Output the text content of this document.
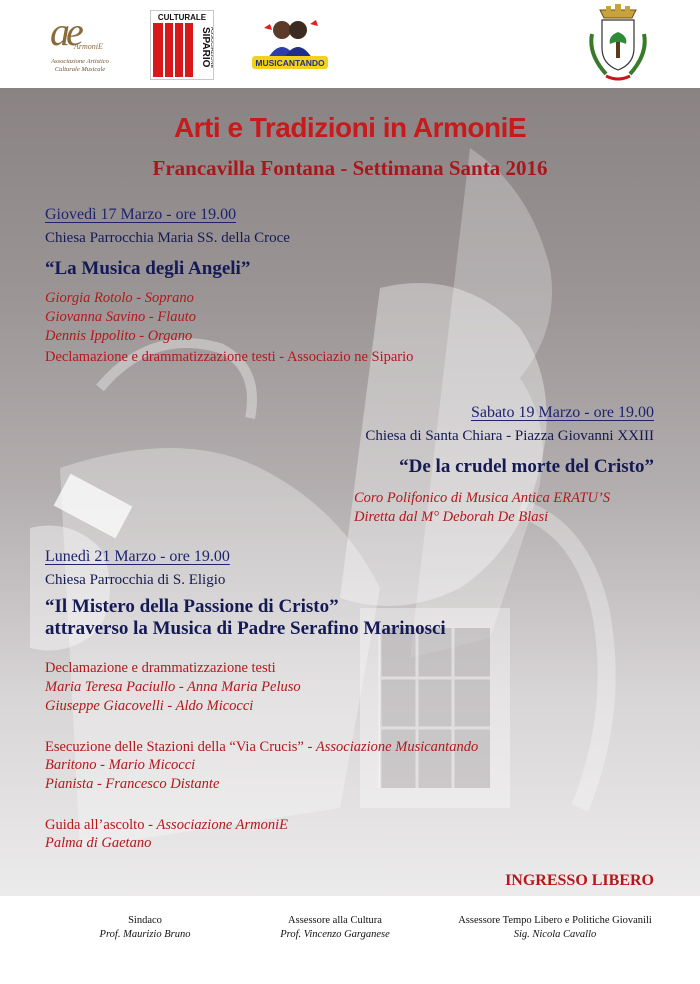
ae
ArmoniE
Associazione Artistico Culturale Musicale
CULTURALE
SIPARIO
ASSOCIAZIONE	MUSICANTANDO
Arti e Tradizioni in ArmoniE
Francavilla Fontana - Settimana Santa 2016
Giovedì 17 Marzo - ore 19.00
Chiesa Parrocchia Maria SS. della Croce
“La Musica degli Angeli”
Giorgia Rotolo - Soprano
Giovanna Savino - Flauto
Dennis Ippolito - Organo
Declamazione e drammatizzazione testi - Associazio ne Sipario
Sabato 19 Marzo - ore 19.00
Chiesa di Santa Chiara - Piazza Giovanni XXIII
“De la crudel morte del Cristo”
Coro Polifonico di Musica Antica ERATU’S
Diretta dal M° Deborah De Blasi
Lunedì 21 Marzo - ore 19.00
Chiesa Parrocchia di S. Eligio
“Il Mistero della Passione di Cristo”
attraverso la Musica di Padre Serafino Marinosci
Declamazione e drammatizzazione testi
Maria Teresa Paciullo - Anna Maria Peluso
Giuseppe Giacovelli - Aldo Micocci
Esecuzione delle Stazioni della “Via Crucis” - Associazione Musicantando
Baritono - Mario Micocci
Pianista - Francesco Distante
Guida all’ascolto - Associazione ArmoniE
Palma di Gaetano
INGRESSO LIBERO
Sindaco
Prof. Maurizio Bruno
Assessore alla Cultura
Prof. Vincenzo Garganese
Assessore Tempo Libero e Politiche Giovanili
Sig. Nicola Cavallo
